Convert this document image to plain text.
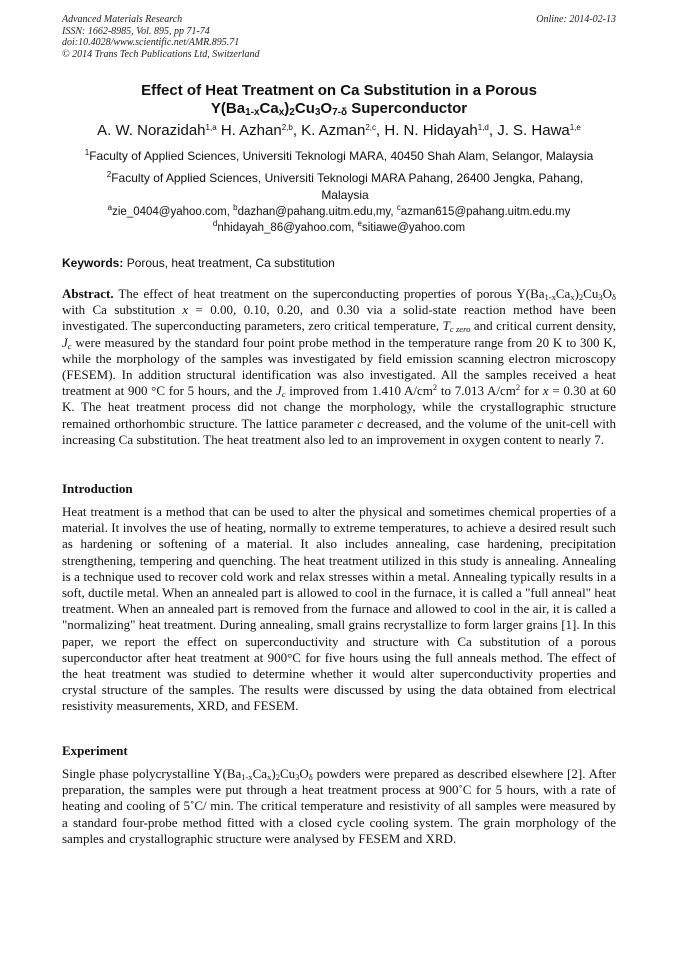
Advanced Materials Research
ISSN: 1662-8985, Vol. 895, pp 71-74
doi:10.4028/www.scientific.net/AMR.895.71
© 2014 Trans Tech Publications Ltd, Switzerland
Online: 2014-02-13
Effect of Heat Treatment on Ca Substitution in a Porous
$Y(Ba_{1-x}Ca_x)_2Cu_3O_{7-\delta}$ Superconductor
A. W. Norazidah$^{1,a}$ H. Azhan$^{2,b}$, K. Azman$^{2,c}$, H. N. Hidayah$^{1,d}$, J. S. Hawa$^{1,e}$
$^1$Faculty of Applied Sciences, Universiti Teknologi MARA, 40450 Shah Alam, Selangor, Malaysia
$^2$Faculty of Applied Sciences, Universiti Teknologi MARA Pahang, 26400 Jengka, Pahang, Malaysia
$^a$zie_0404@yahoo.com, $^b$dazhan@pahang.uitm.edu,my, $^c$azman615@pahang.uitm.edu.my
$^d$nhidayah_86@yahoo.com, $^e$sitiawe@yahoo.com
Keywords: Porous, heat treatment, Ca substitution
Abstract. The effect of heat treatment on the superconducting properties of porous $Y(Ba_{1-x}Ca_x)_2Cu_3O_\delta$ with Ca substitution x = 0.00, 0.10, 0.20, and 0.30 via a solid-state reaction method have been investigated. The superconducting parameters, zero critical temperature, $T_{c zero}$ and critical current density, $J_c$ were measured by the standard four point probe method in the temperature range from 20 K to 300 K, while the morphology of the samples was investigated by field emission scanning electron microscopy (FESEM). In addition structural identification was also investigated. All the samples received a heat treatment at 900 °C for 5 hours, and the $J_c$ improved from 1.410 $A/cm^2$ to 7.013 $A/cm^2$ for x = 0.30 at 60 K. The heat treatment process did not change the morphology, while the crystallographic structure remained orthorhombic structure. The lattice parameter c decreased, and the volume of the unit-cell with increasing Ca substitution. The heat treatment also led to an improvement in oxygen content to nearly 7.
Introduction
Heat treatment is a method that can be used to alter the physical and sometimes chemical properties of a material. It involves the use of heating, normally to extreme temperatures, to achieve a desired result such as hardening or softening of a material. It also includes annealing, case hardening, precipitation strengthening, tempering and quenching. The heat treatment utilized in this study is annealing. Annealing is a technique used to recover cold work and relax stresses within a metal. Annealing typically results in a soft, ductile metal. When an annealed part is allowed to cool in the furnace, it is called a "full anneal" heat treatment. When an annealed part is removed from the furnace and allowed to cool in the air, it is called a "normalizing" heat treatment. During annealing, small grains recrystallize to form larger grains [1]. In this paper, we report the effect on superconductivity and structure with Ca substitution of a porous superconductor after heat treatment at 900°C for five hours using the full anneals method. The effect of the heat treatment was studied to determine whether it would alter superconductivity properties and crystal structure of the samples. The results were discussed by using the data obtained from electrical resistivity measurements, XRD, and FESEM.
Experiment
Single phase polycrystalline $Y(Ba_{1-x}Ca_x)_2Cu_3O_\delta$ powders were prepared as described elsewhere [2]. After preparation, the samples were put through a heat treatment process at 900˚C for 5 hours, with a rate of heating and cooling of 5˚C/ min. The critical temperature and resistivity of all samples were measured by a standard four-probe method fitted with a closed cycle cooling system. The grain morphology of the samples and crystallographic structure were analysed by FESEM and XRD.
